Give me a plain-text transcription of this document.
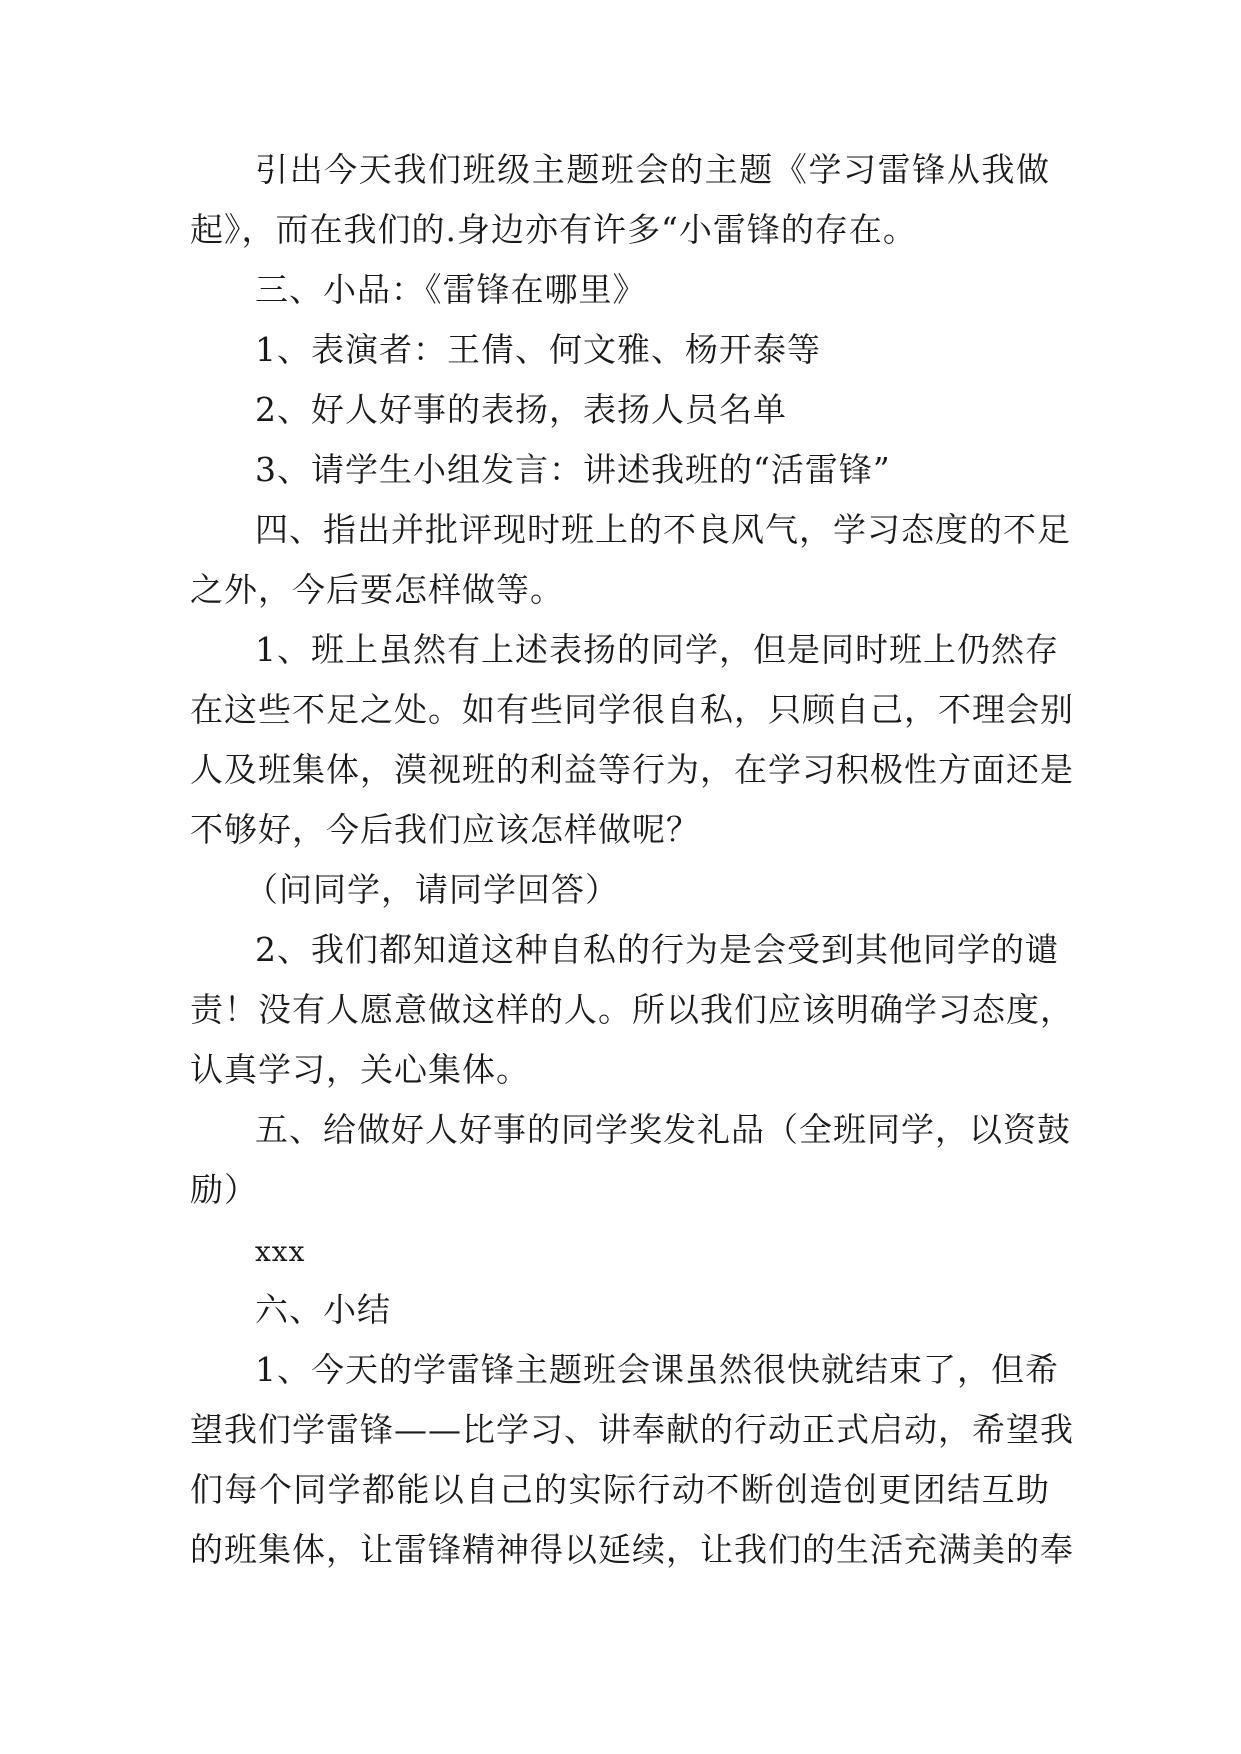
引出今天我们班级主题班会的主题《学习雷锋从我做
起》，而在我们的.身边亦有许多“小雷锋的存在。
三、小品：《雷锋在哪里》
1、表演者：王倩、何文雅、杨开泰等
2、好人好事的表扬，表扬人员名单
3、请学生小组发言：讲述我班的“活雷锋”
四、指出并批评现时班上的不良风气，学习态度的不足
之外，今后要怎样做等。
1、班上虽然有上述表扬的同学，但是同时班上仍然存
在这些不足之处。如有些同学很自私，只顾自己，不理会别
人及班集体，漠视班的利益等行为，在学习积极性方面还是
不够好，今后我们应该怎样做呢？
（问同学，请同学回答）
2、我们都知道这种自私的行为是会受到其他同学的谴
责！没有人愿意做这样的人。所以我们应该明确学习态度，
认真学习，关心集体。
五、给做好人好事的同学奖发礼品（全班同学，以资鼓
励）
xxx
六、小结
1、今天的学雷锋主题班会课虽然很快就结束了，但希
望我们学雷锋——比学习、讲奉献的行动正式启动，希望我
们每个同学都能以自己的实际行动不断创造创更团结互助
的班集体，让雷锋精神得以延续，让我们的生活充满美的奉
